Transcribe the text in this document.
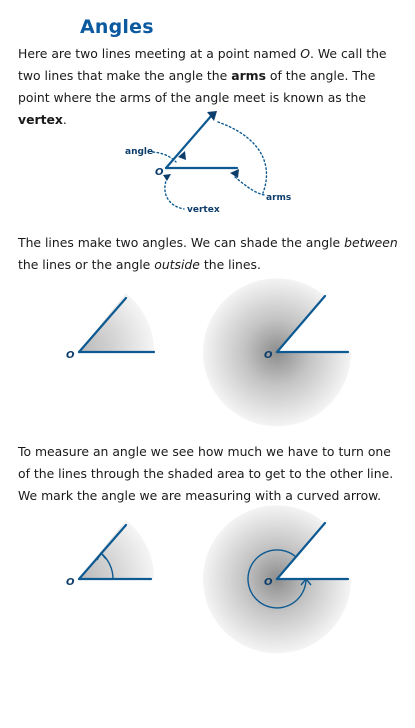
Angles

Here are two lines meeting at a point named O. We call the two lines that make the angle the arms of the angle. The point where the arms of the angle meet is known as the vertex.

angle
O
vertex
arms

The lines make two angles. We can shade the angle between the lines or the angle outside the lines.

O	O

To measure an angle we see how much we have to turn one of the lines through the shaded area to get to the other line. We mark the angle we are measuring with a curved arrow.

O	O
